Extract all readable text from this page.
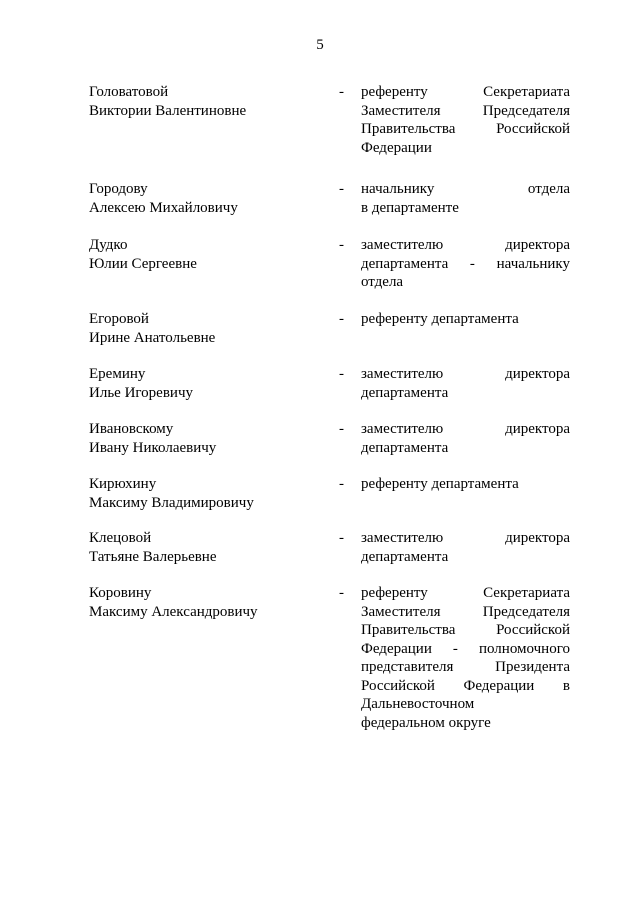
5
Головатовой
Виктории Валентиновне
- референту Секретариата
Заместителя Председателя
Правительства Российской
Федерации
Городову
Алексею Михайловичу
- начальнику отдела
в департаменте
Дудко
Юлии Сергеевне
- заместителю директора
департамента - начальнику
отдела
Егоровой
Ирине Анатольевне
- референту департамента
Еремину
Илье Игоревичу
- заместителю директора
департамента
Ивановскому
Ивану Николаевичу
- заместителю директора
департамента
Кирюхину
Максиму Владимировичу
- референту департамента
Клецовой
Татьяне Валерьевне
- заместителю директора
департамента
Коровину
Максиму Александровичу
- референту Секретариата
Заместителя Председателя
Правительства Российской
Федерации - полномочного
представителя Президента
Российской Федерации в
Дальневосточном
федеральном округе
